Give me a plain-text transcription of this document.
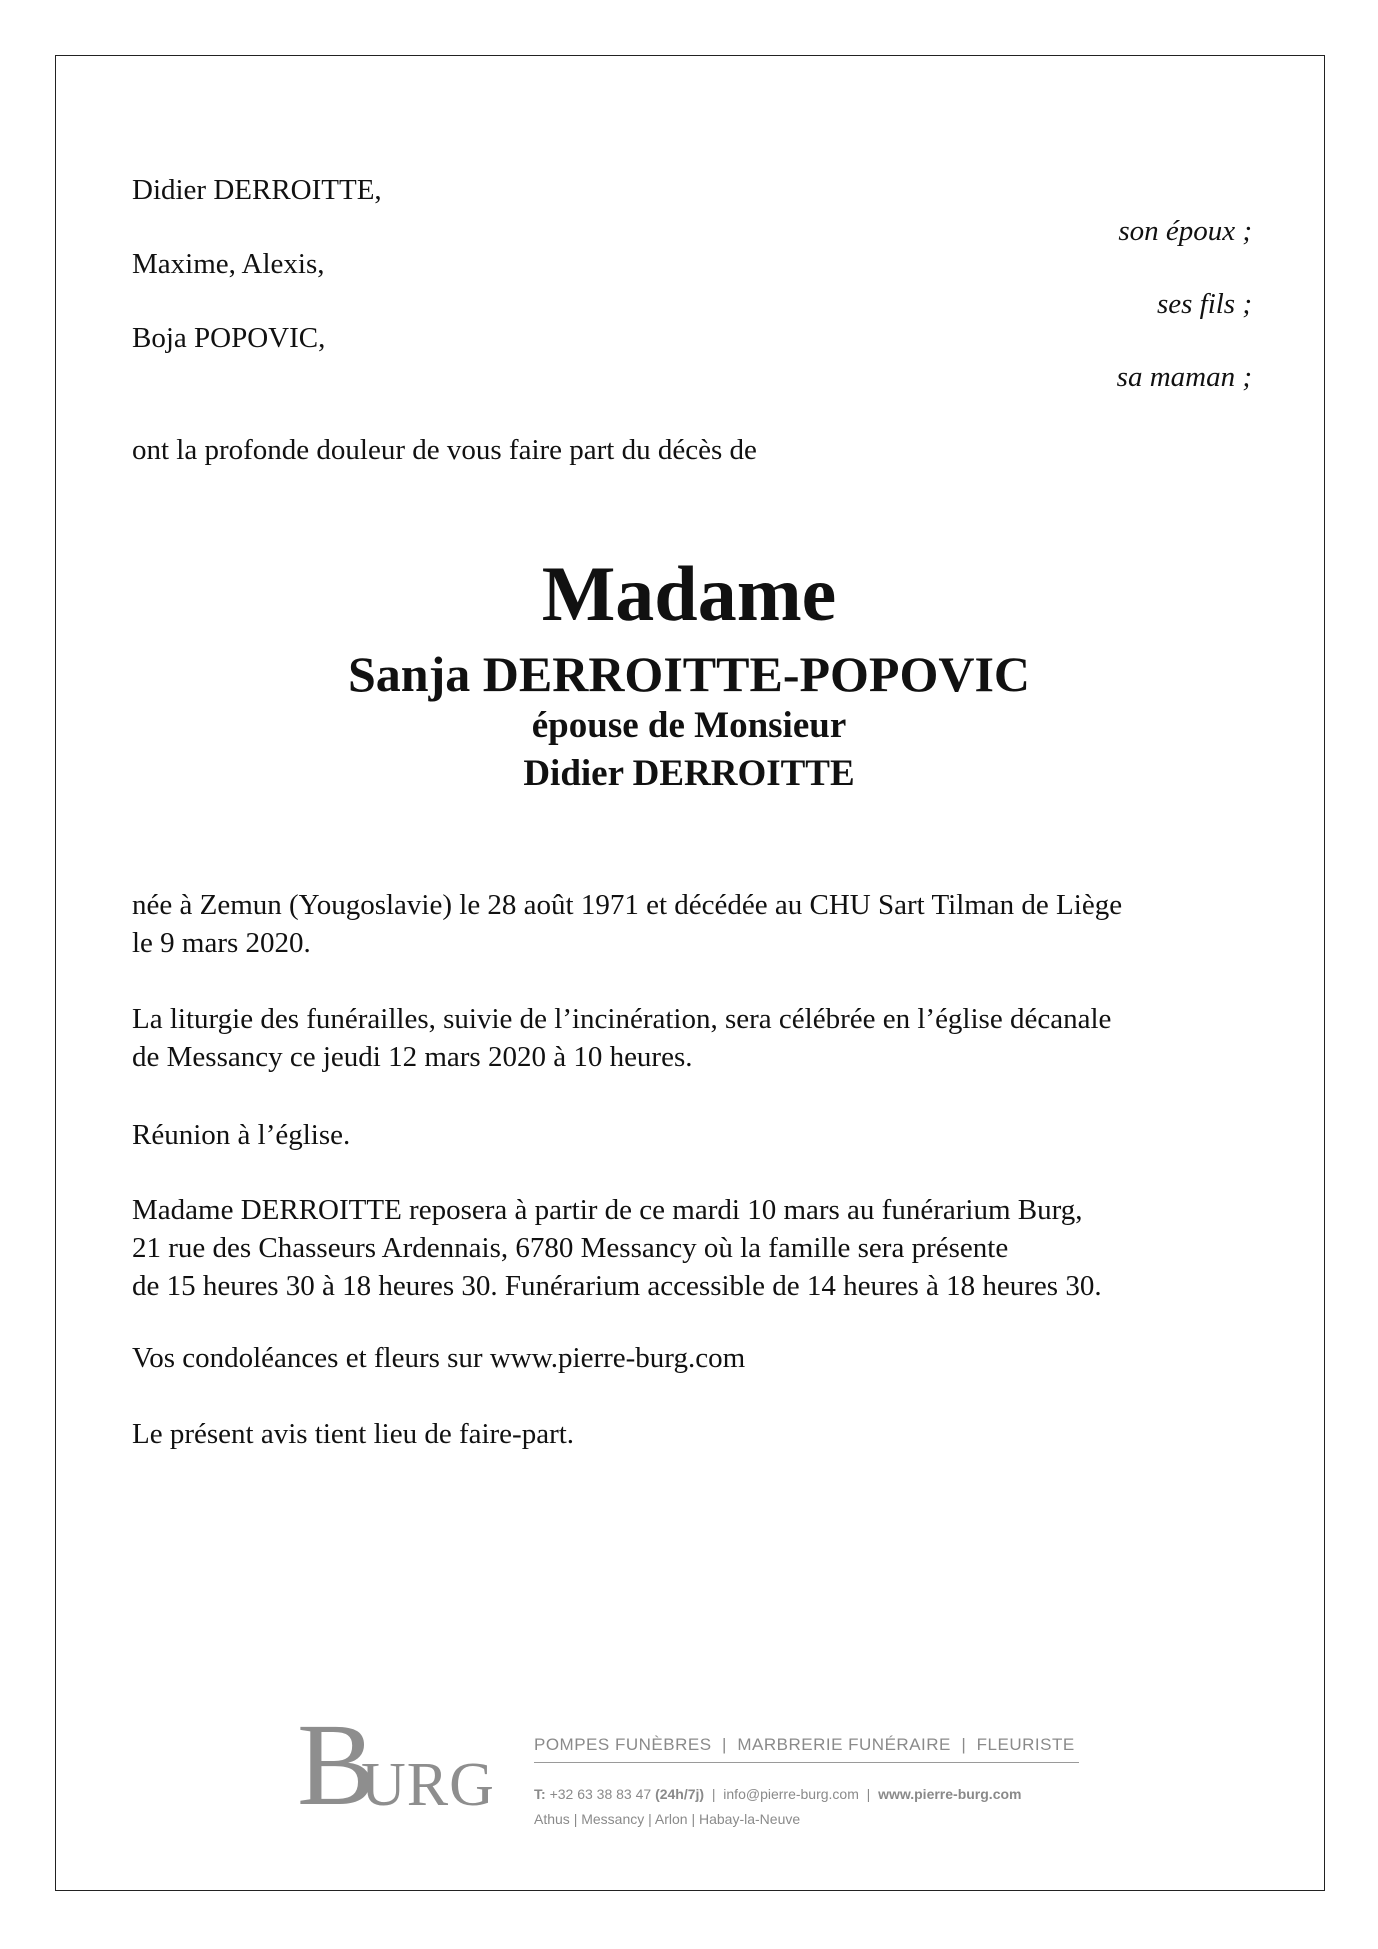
Didier DERROITTE,
son époux ;
Maxime, Alexis,
ses fils ;
Boja POPOVIC,
sa maman ;
ont la profonde douleur de vous faire part du décès de
Madame
Sanja DERROITTE-POPOVIC
épouse de Monsieur
Didier DERROITTE
née à Zemun (Yougoslavie) le 28 août 1971 et décédée au CHU Sart Tilman de Liège
le 9 mars 2020.
La liturgie des funérailles, suivie de l’incinération, sera célébrée en l’église décanale
de Messancy ce jeudi 12 mars 2020 à 10 heures.
Réunion à l’église.
Madame DERROITTE reposera à partir de ce mardi 10 mars au funérarium Burg,
21 rue des Chasseurs Ardennais, 6780 Messancy où la famille sera présente
de 15 heures 30 à 18 heures 30. Funérarium accessible de 14 heures à 18 heures 30.
Vos condoléances et fleurs sur www.pierre-burg.com
Le présent avis tient lieu de faire-part.
B
URG
POMPES FUNÈBRES  |  MARBRERIE FUNÉRAIRE  |  FLEURISTE
T: +32 63 38 83 47 (24h/7j)  |  info@pierre-burg.com  |  www.pierre-burg.com
Athus | Messancy | Arlon | Habay-la-Neuve
